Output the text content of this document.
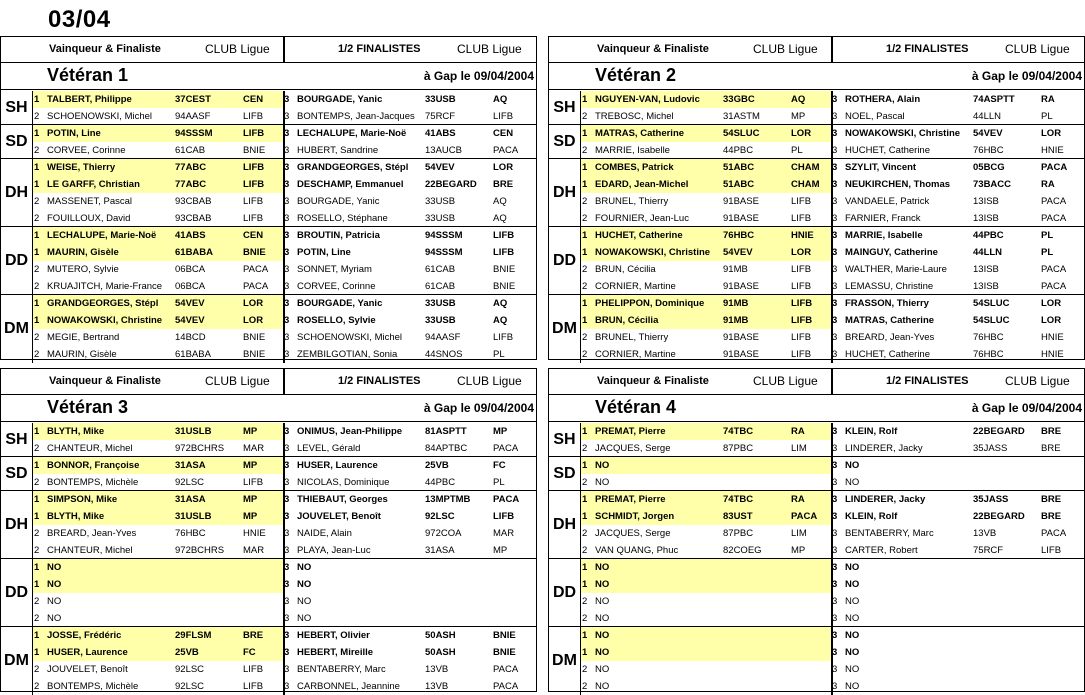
03/04
Vainqueur & Finaliste	CLUB Ligue	1/2 FINALISTES	CLUB Ligue
Vétéran 1	à Gap le 09/04/2004
SH 1 TALBERT, Philippe	37CEST	CEN	3 BOURGADE, Yanic	33USB	AQ
2 SCHOENOWSKI, Michel	94AASF	LIFB	3 BONTEMPS, Jean-Jacques	75RCF	LIFB
SD 1 POTIN, Line	94SSSM	LIFB	3 LECHALUPE, Marie-Noë	41ABS	CEN
2 CORVEE, Corinne	61CAB	BNIE	3 HUBERT, Sandrine	13AUCB	PACA
DH
1 WEISE, Thierry	77ABC	LIFB	3 GRANDGEORGES, Stépl	54VEV	LOR
1 LE GARFF, Christian	77ABC	LIFB	3 DESCHAMP, Emmanuel	22BEGARD	BRE
2 MASSENET, Pascal	93CBAB	LIFB	3 BOURGADE, Yanic	33USB	AQ
2 FOUILLOUX, David	93CBAB	LIFB	3 ROSELLO, Stéphane	33USB	AQ
DD
1 LECHALUPE, Marie-Noë	41ABS	CEN	3 BROUTIN, Patricia	94SSSM	LIFB
1 MAURIN, Gisèle	61BABA	BNIE	3 POTIN, Line	94SSSM	LIFB
2 MUTERO, Sylvie	06BCA	PACA	3 SONNET, Myriam	61CAB	BNIE
2 KRUAJITCH, Marie-France	06BCA	PACA	3 CORVEE, Corinne	61CAB	BNIE
DM
1 GRANDGEORGES, Stépl	54VEV	LOR	3 BOURGADE, Yanic	33USB	AQ
1 NOWAKOWSKI, Christine	54VEV	LOR	3 ROSELLO, Sylvie	33USB	AQ
2 MEGIE, Bertrand	14BCD	BNIE	3 SCHOENOWSKI, Michel	94AASF	LIFB
2 MAURIN, Gisèle	61BABA	BNIE	3 ZEMBILGOTIAN, Sonia	44SNOS	PL
Vainqueur & Finaliste	CLUB Ligue	1/2 FINALISTES	CLUB Ligue
Vétéran 2	à Gap le 09/04/2004
SH 1 NGUYEN-VAN, Ludovic	33GBC	AQ	3 ROTHERA, Alain	74ASPTT	RA
2 TREBOSC, Michel	31ASTM	MP	3 NOEL, Pascal	44LLN	PL
SD 1 MATRAS, Catherine	54SLUC	LOR	3 NOWAKOWSKI, Christine	54VEV	LOR
2 MARRIE, Isabelle	44PBC	PL	3 HUCHET, Catherine	76HBC	HNIE
DH
1 COMBES, Patrick	51ABC	CHAM	3 SZYLIT, Vincent	05BCG	PACA
1 EDARD, Jean-Michel	51ABC	CHAM	3 NEUKIRCHEN, Thomas	73BACC	RA
2 BRUNEL, Thierry	91BASE	LIFB	3 VANDAELE, Patrick	13ISB	PACA
2 FOURNIER, Jean-Luc	91BASE	LIFB	3 FARNIER, Franck	13ISB	PACA
DD
1 HUCHET, Catherine	76HBC	HNIE	3 MARRIE, Isabelle	44PBC	PL
1 NOWAKOWSKI, Christine	54VEV	LOR	3 MAINGUY, Catherine	44LLN	PL
2 BRUN, Cécilia	91MB	LIFB	3 WALTHER, Marie-Laure	13ISB	PACA
2 CORNIER, Martine	91BASE	LIFB	3 LEMASSU, Christine	13ISB	PACA
DM
1 PHELIPPON, Dominique	91MB	LIFB	3 FRASSON, Thierry	54SLUC	LOR
1 BRUN, Cécilia	91MB	LIFB	3 MATRAS, Catherine	54SLUC	LOR
2 BRUNEL, Thierry	91BASE	LIFB	3 BREARD, Jean-Yves	76HBC	HNIE
2 CORNIER, Martine	91BASE	LIFB	3 HUCHET, Catherine	76HBC	HNIE
Vainqueur & Finaliste	CLUB Ligue	1/2 FINALISTES	CLUB Ligue
Vétéran 3	à Gap le 09/04/2004
SH 1 BLYTH, Mike	31USLB	MP	3 ONIMUS, Jean-Philippe	81ASPTT	MP
2 CHANTEUR, Michel	972BCHRS	MAR	3 LEVEL, Gérald	84APTBC	PACA
SD 1 BONNOR, Françoise	31ASA	MP	3 HUSER, Laurence	25VB	FC
2 BONTEMPS, Michèle	92LSC	LIFB	3 NICOLAS, Dominique	44PBC	PL
DH
1 SIMPSON, Mike	31ASA	MP	3 THIEBAUT, Georges	13MPTMB	PACA
1 BLYTH, Mike	31USLB	MP	3 JOUVELET, Benoît	92LSC	LIFB
2 BREARD, Jean-Yves	76HBC	HNIE	3 NAIDE, Alain	972COA	MAR
2 CHANTEUR, Michel	972BCHRS	MAR	3 PLAYA, Jean-Luc	31ASA	MP
DD
1 NO	3 NO
1 NO	3 NO
2 NO	3 NO
2 NO	3 NO
DM
1 JOSSE, Frédéric	29FLSM	BRE	3 HEBERT, Olivier	50ASH	BNIE
1 HUSER, Laurence	25VB	FC	3 HEBERT, Mireille	50ASH	BNIE
2 JOUVELET, Benoît	92LSC	LIFB	3 BENTABERRY, Marc	13VB	PACA
2 BONTEMPS, Michèle	92LSC	LIFB	3 CARBONNEL, Jeannine	13VB	PACA
Vainqueur & Finaliste	CLUB Ligue	1/2 FINALISTES	CLUB Ligue
Vétéran 4	à Gap le 09/04/2004
SH 1 PREMAT, Pierre	74TBC	RA	3 KLEIN, Rolf	22BEGARD	BRE
2 JACQUES, Serge	87PBC	LIM	3 LINDERER, Jacky	35JASS	BRE
SD 1 NO	3 NO
2 NO	3 NO
DH
1 PREMAT, Pierre	74TBC	RA	3 LINDERER, Jacky	35JASS	BRE
1 SCHMIDT, Jorgen	83UST	PACA	3 KLEIN, Rolf	22BEGARD	BRE
2 JACQUES, Serge	87PBC	LIM	3 BENTABERRY, Marc	13VB	PACA
2 VAN QUANG, Phuc	82COEG	MP	3 CARTER, Robert	75RCF	LIFB
DD
1 NO	3 NO
1 NO	3 NO
2 NO	3 NO
2 NO	3 NO
DM
1 NO	3 NO
1 NO	3 NO
2 NO	3 NO
2 NO	3 NO
